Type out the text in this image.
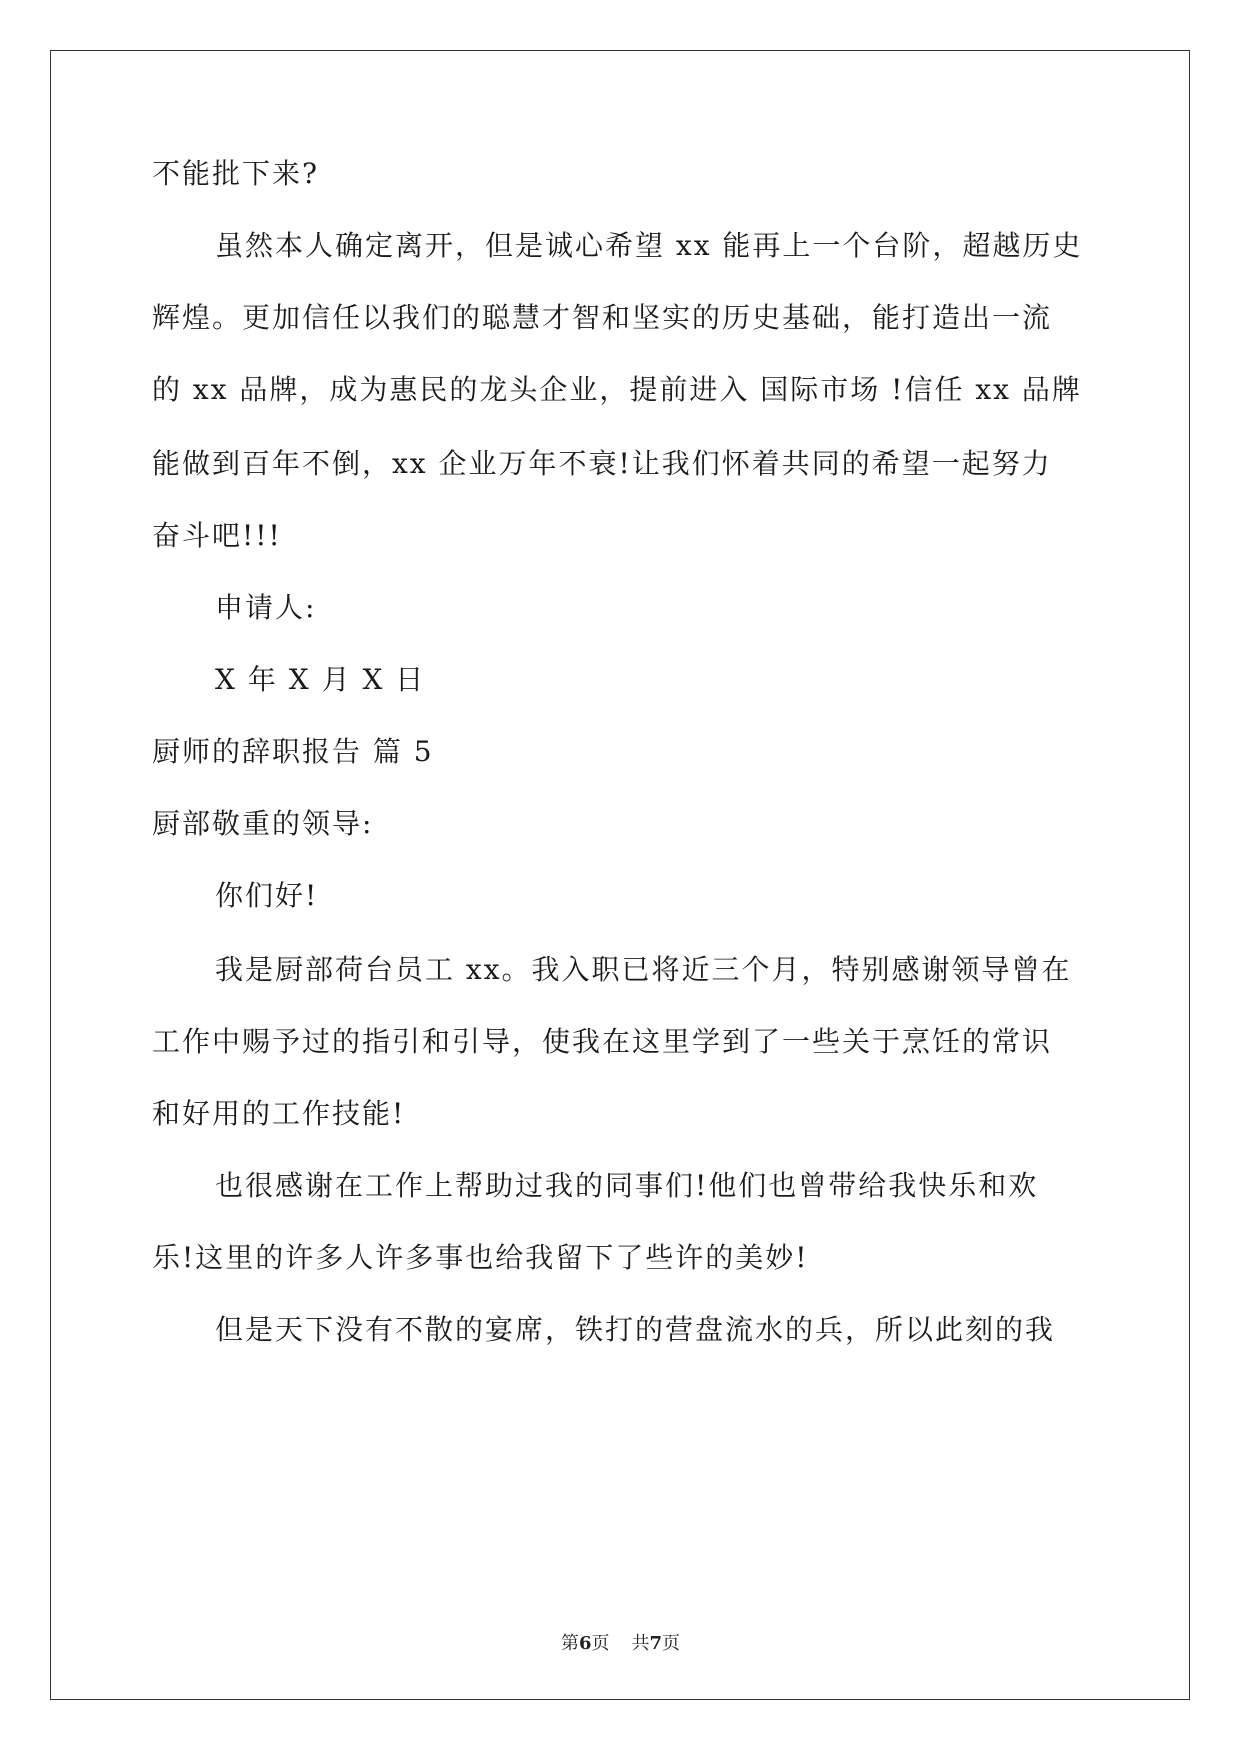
不能批下来?
虽然本人确定离开，但是诚心希望 xx 能再上一个台阶，超越历史
辉煌。更加信任以我们的聪慧才智和坚实的历史基础，能打造出一流
的 xx 品牌，成为惠民的龙头企业，提前进入 国际市场 !信任 xx 品牌
能做到百年不倒，xx 企业万年不衰!让我们怀着共同的希望一起努力
奋斗吧!!!
申请人:
X 年 X 月 X 日
厨师的辞职报告 篇 5
厨部敬重的领导:
你们好!
我是厨部荷台员工 xx。我入职已将近三个月，特别感谢领导曾在
工作中赐予过的指引和引导，使我在这里学到了一些关于烹饪的常识
和好用的工作技能!
也很感谢在工作上帮助过我的同事们!他们也曾带给我快乐和欢
乐!这里的许多人许多事也给我留下了些许的美妙!
但是天下没有不散的宴席，铁打的营盘流水的兵，所以此刻的我
第6页 共7页
